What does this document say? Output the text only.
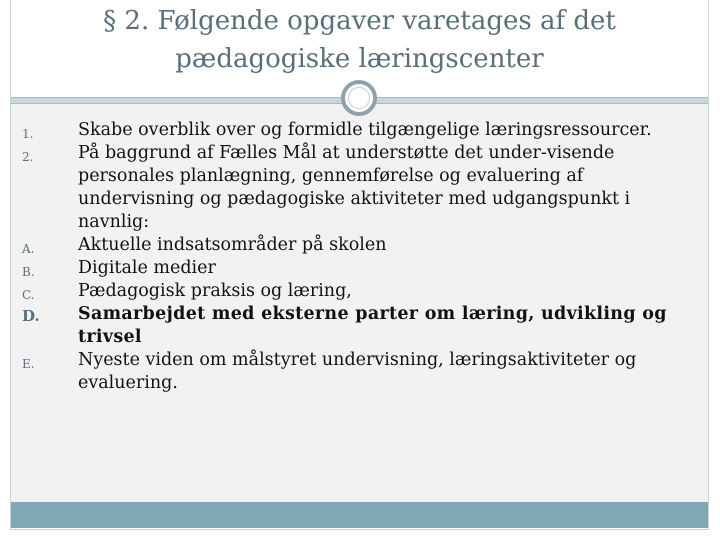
§ 2. Følgende opgaver varetages af det
pædagogiske læringscenter
1.	Skabe overblik over og formidle tilgængelige læringsressourcer.
2.	På baggrund af Fælles Mål at understøtte det under-visende personales planlægning, gennemførelse og evaluering af undervisning og pædagogiske aktiviteter med udgangspunkt i navnlig:
A.	Aktuelle indsatsområder på skolen
B.	Digitale medier
C.	Pædagogisk praksis og læring,
D.	Samarbejdet med eksterne parter om læring, udvikling og trivsel
E.	Nyeste viden om målstyret undervisning, læringsaktiviteter og evaluering.
